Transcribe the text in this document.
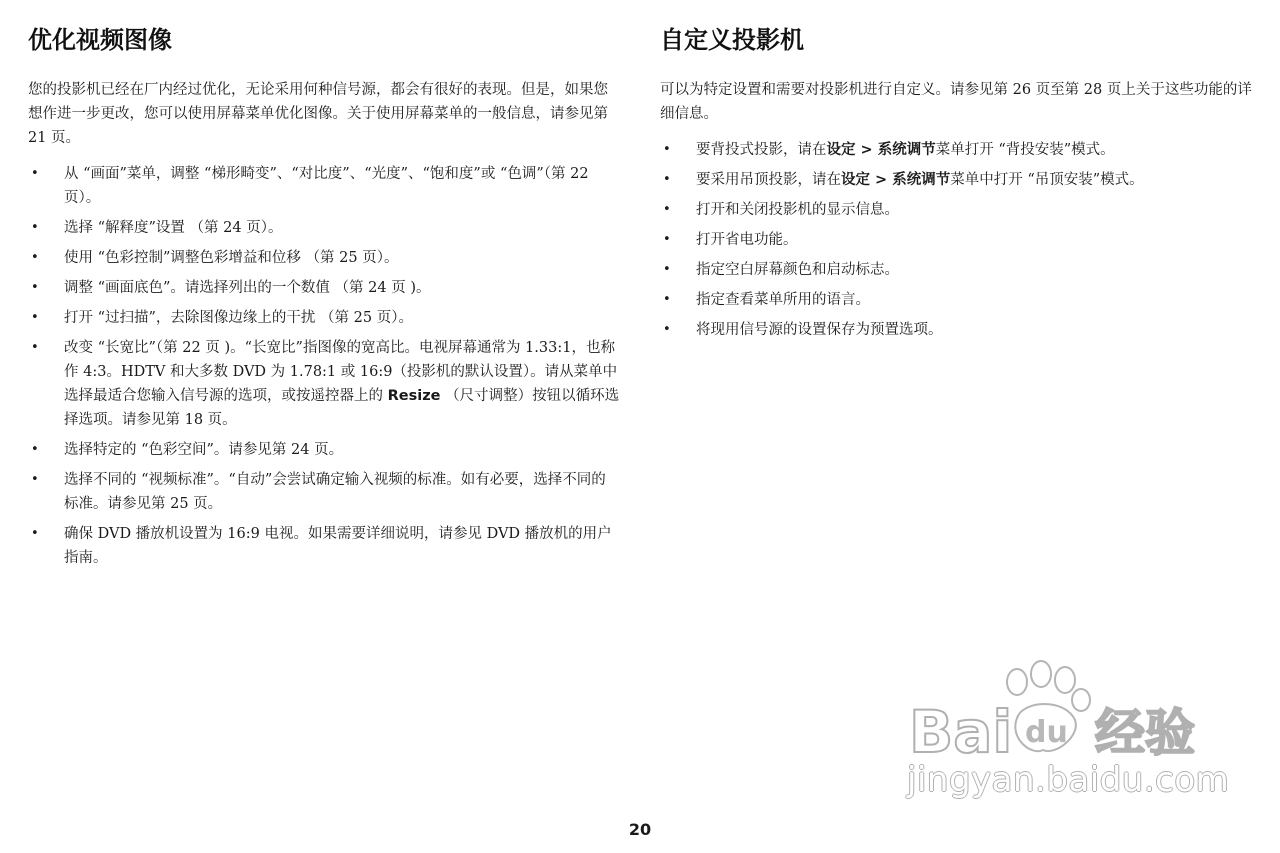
优化视频图像

您的投影机已经在厂内经过优化，无论采用何种信号源，都会有很好的表现。但是，如果您想作进一步更改，您可以使用屏幕菜单优化图像。关于使用屏幕菜单的一般信息，请参见第 21 页。

• 从 “画面”菜单，调整 “梯形畸变”、“对比度”、“光度”、“饱和度”或 “色调”（第 22 页）。
• 选择 “解释度”设置 （第 24 页）。
• 使用 “色彩控制”调整色彩增益和位移 （第 25 页）。
• 调整 “画面底色”。请选择列出的一个数值 （第 24 页 )。
• 打开 “过扫描”，去除图像边缘上的干扰 （第 25 页）。
• 改变 “长宽比”（第 22 页 )。“长宽比”指图像的宽高比。电视屏幕通常为 1.33:1，也称作 4:3。HDTV 和大多数 DVD 为 1.78:1 或 16:9（投影机的默认设置）。请从菜单中选择最适合您输入信号源的选项，或按遥控器上的 Resize （尺寸调整）按钮以循环选择选项。请参见第 18 页。
• 选择特定的 “色彩空间”。请参见第 24 页。
• 选择不同的 “视频标准”。“自动”会尝试确定输入视频的标准。如有必要，选择不同的标准。请参见第 25 页。
• 确保 DVD 播放机设置为 16:9 电视。如果需要详细说明，请参见 DVD 播放机的用户指南。
自定义投影机

可以为特定设置和需要对投影机进行自定义。请参见第 26 页至第 28 页上关于这些功能的详细信息。

• 要背投式投影，请在设定 > 系统调节菜单打开 “背投安装”模式。
• 要采用吊顶投影，请在设定 > 系统调节菜单中打开 “吊顶安装”模式。
• 打开和关闭投影机的显示信息。
• 打开省电功能。
• 指定空白屏幕颜色和启动标志。
• 指定查看菜单所用的语言。
• 将现用信号源的设置保存为预置选项。
20
Bai du 经验
jingyan.baidu.com
